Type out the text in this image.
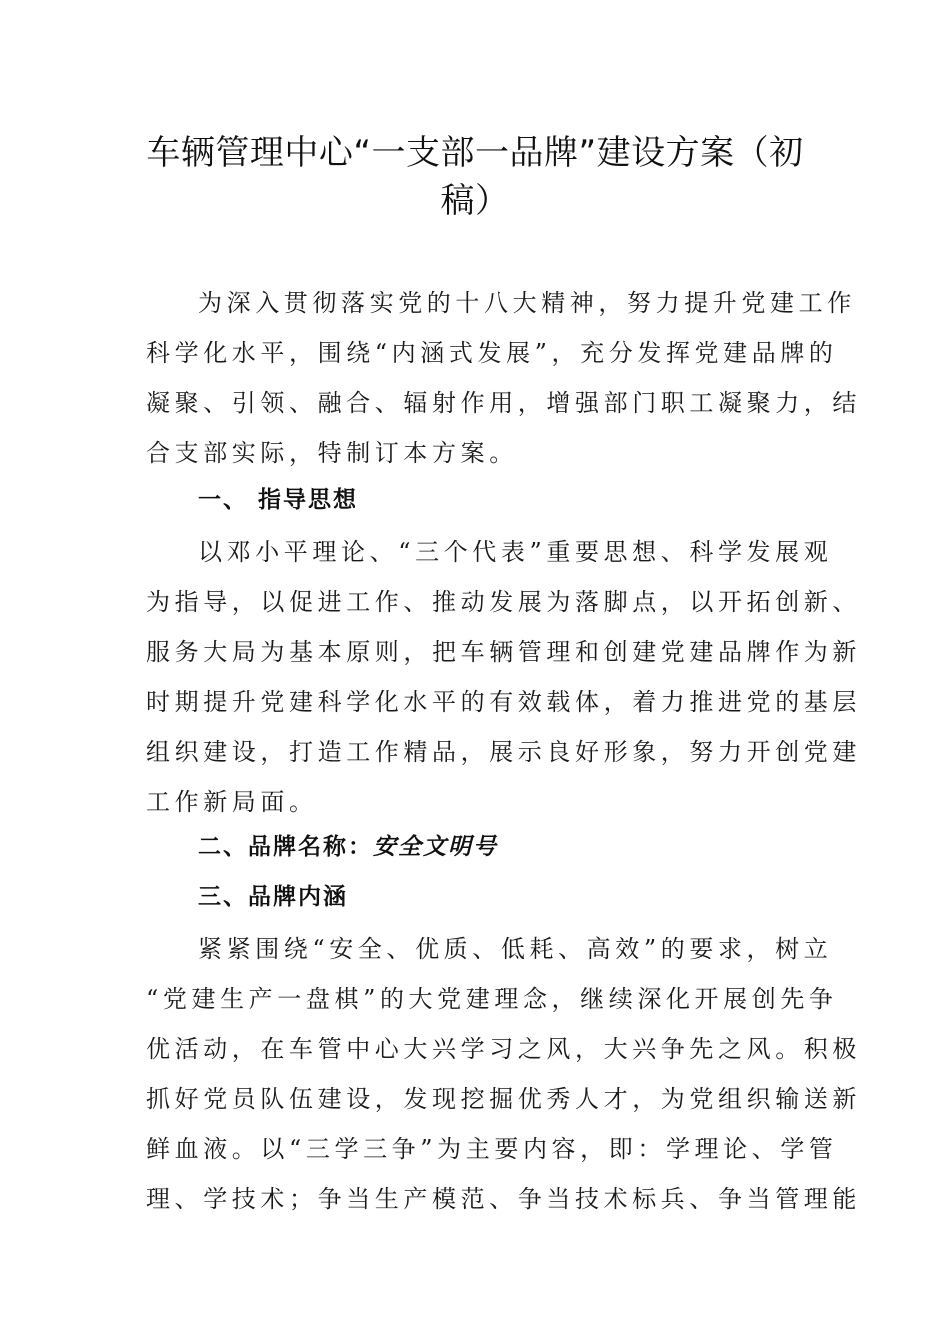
车辆管理中心“一支部一品牌”建设方案（初
稿）
为深入贯彻落实党的十八大精神，努力提升党建工作
科学化水平，围绕“内涵式发展”，充分发挥党建品牌的
凝聚、引领、融合、辐射作用，增强部门职工凝聚力，结
合支部实际，特制订本方案。
一、 指导思想
以邓小平理论、“三个代表”重要思想、科学发展观
为指导，以促进工作、推动发展为落脚点，以开拓创新、
服务大局为基本原则，把车辆管理和创建党建品牌作为新
时期提升党建科学化水平的有效载体，着力推进党的基层
组织建设，打造工作精品，展示良好形象，努力开创党建
工作新局面。
二、品牌名称：安全文明号
三、品牌内涵
紧紧围绕“安全、优质、低耗、高效”的要求，树立
“党建生产一盘棋”的大党建理念，继续深化开展创先争
优活动，在车管中心大兴学习之风，大兴争先之风。积极
抓好党员队伍建设，发现挖掘优秀人才，为党组织输送新
鲜血液。以“三学三争”为主要内容，即：学理论、学管
理、学技术；争当生产模范、争当技术标兵、争当管理能
